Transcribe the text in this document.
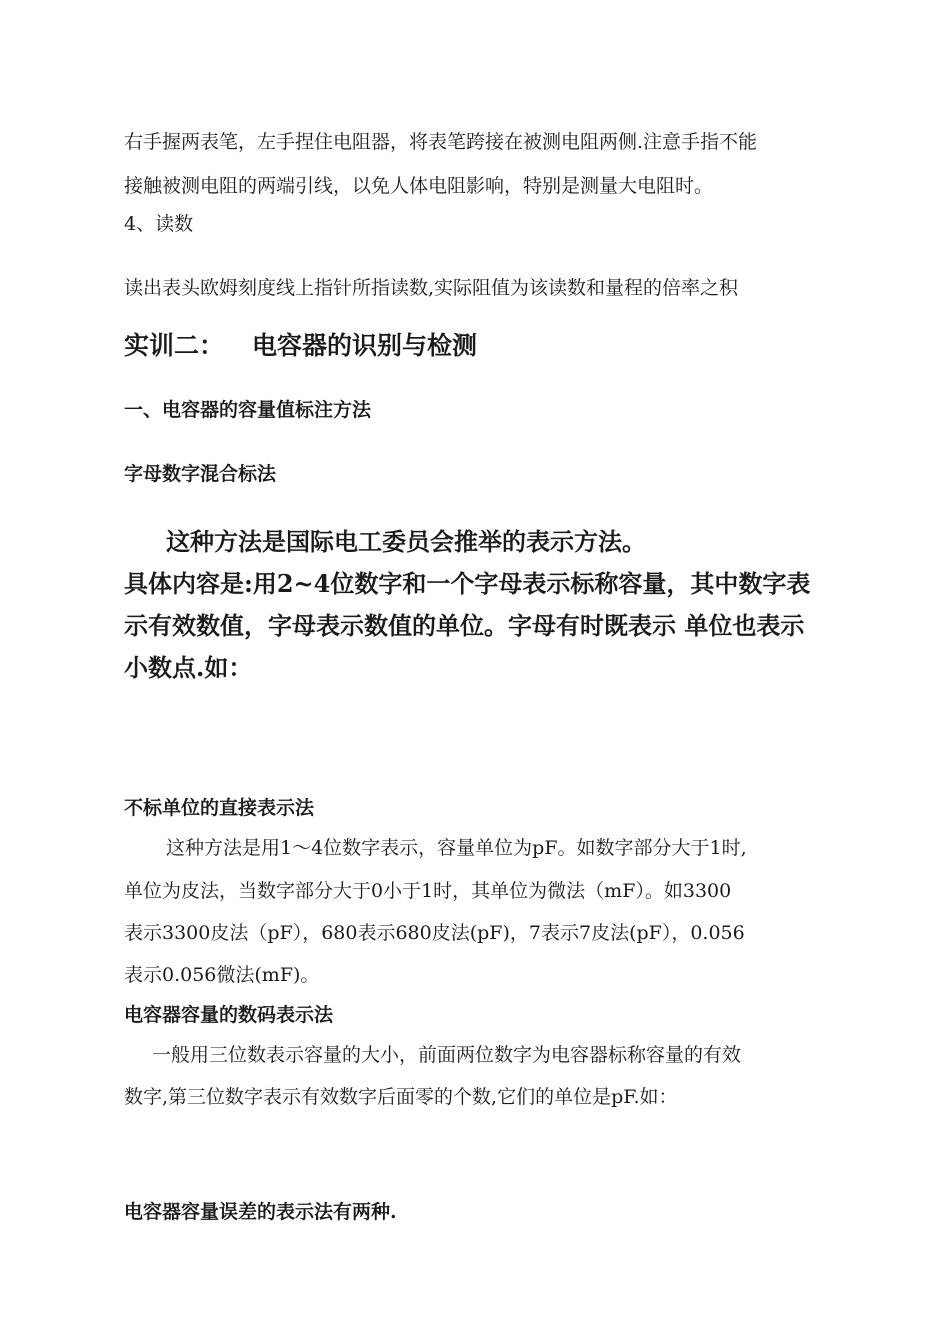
右手握两表笔，左手捏住电阻器，将表笔跨接在被测电阻两侧.注意手指不能
接触被测电阻的两端引线，以免人体电阻影响，特别是测量大电阻时。
4、读数
读出表头欧姆刻度线上指针所指读数,实际阻值为该读数和量程的倍率之积
实训二： 电容器的识别与检测
一、电容器的容量值标注方法
字母数字混合标法
这种方法是国际电工委员会推举的表示方法。
具体内容是:用2~4位数字和一个字母表示标称容量，其中数字表
示有效数值，字母表示数值的单位。字母有时既表示 单位也表示
小数点.如：
不标单位的直接表示法
这种方法是用1～4位数字表示，容量单位为pF。如数字部分大于1时,
单位为皮法，当数字部分大于0小于1时，其单位为微法（mF）。如3300
表示3300皮法（pF），680表示680皮法(pF)，7表示7皮法(pF），0.056
表示0.056微法(mF)。
电容器容量的数码表示法
一般用三位数表示容量的大小，前面两位数字为电容器标称容量的有效
数字,第三位数字表示有效数字后面零的个数,它们的单位是pF.如：
电容器容量误差的表示法有两种.
